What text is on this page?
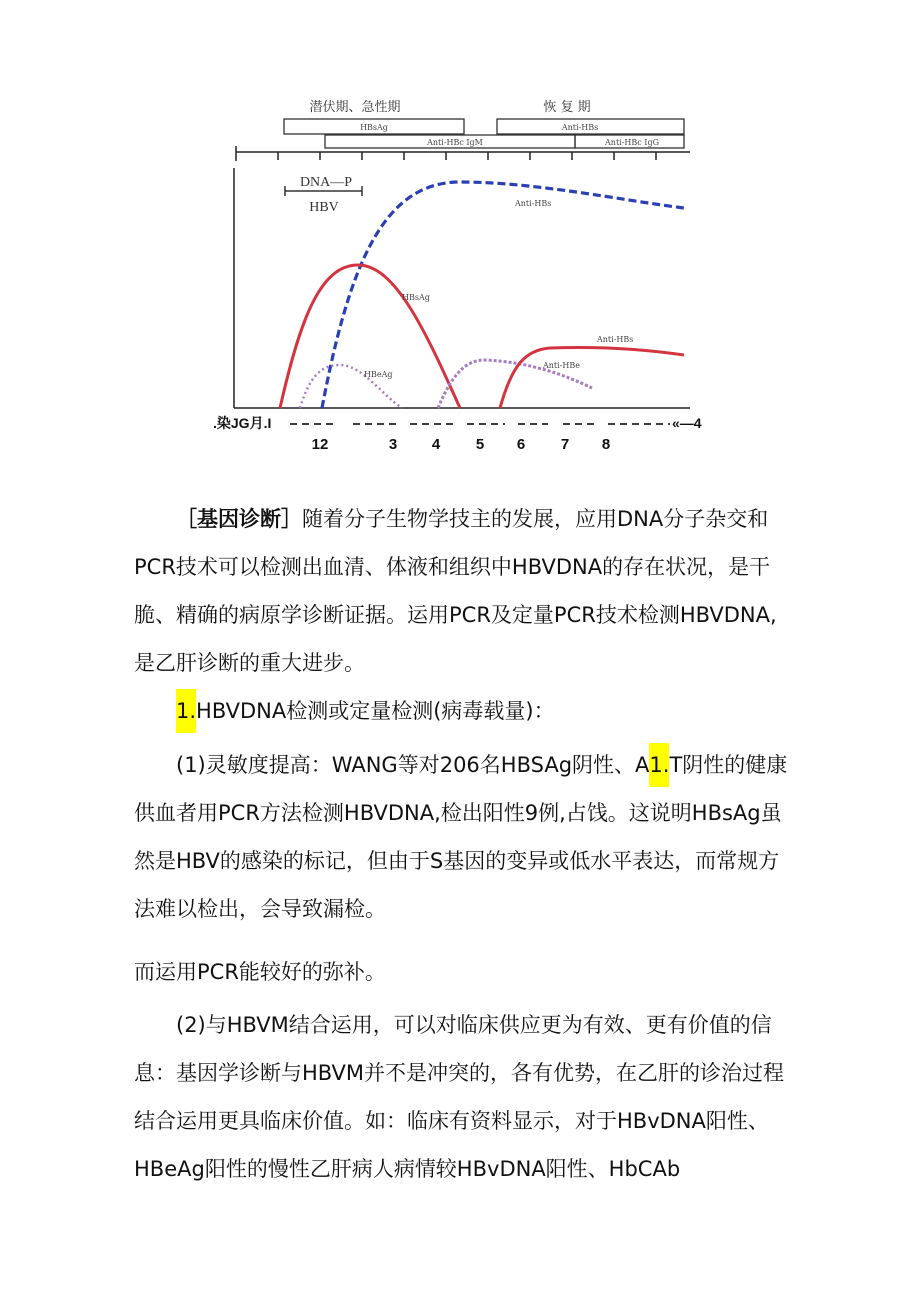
潜伏期、急性期	恢 复 期
HBsAg	Anti-HBs
Anti-HBc IgM	Anti-HBc IgG
DNA—P
HBV	Anti-HBs
HBsAg
HBeAg
Anti-HBe
Anti-HBs
.染JG月.I	«—4
12	3 4 5 6 7 8

［基因诊断］随着分子生物学技主的发展，应用DNA分子杂交和PCR技术可以检测出血清、体液和组织中HBVDNA的存在状况，是干脆、精确的病原学诊断证据。运用PCR及定量PCR技术检测HBVDNA,是乙肝诊断的重大进步。

1.HBVDNA检测或定量检测(病毒载量)：

(1)灵敏度提高：WANG等对206名HBSAg阴性、A1.T阴性的健康供血者用PCR方法检测HBVDNA,检出阳性9例,占饯。这说明HBsAg虽然是HBV的感染的标记，但由于S基因的变异或低水平表达，而常规方法难以检出，会导致漏检。

而运用PCR能较好的弥补。

(2)与HBVM结合运用，可以对临床供应更为有效、更有价值的信息：基因学诊断与HBVM并不是冲突的，各有优势，在乙肝的诊治过程结合运用更具临床价值。如：临床有资料显示，对于HBvDNA阳性、HBeAg阳性的慢性乙肝病人病情较HBvDNA阳性、HbCAb
